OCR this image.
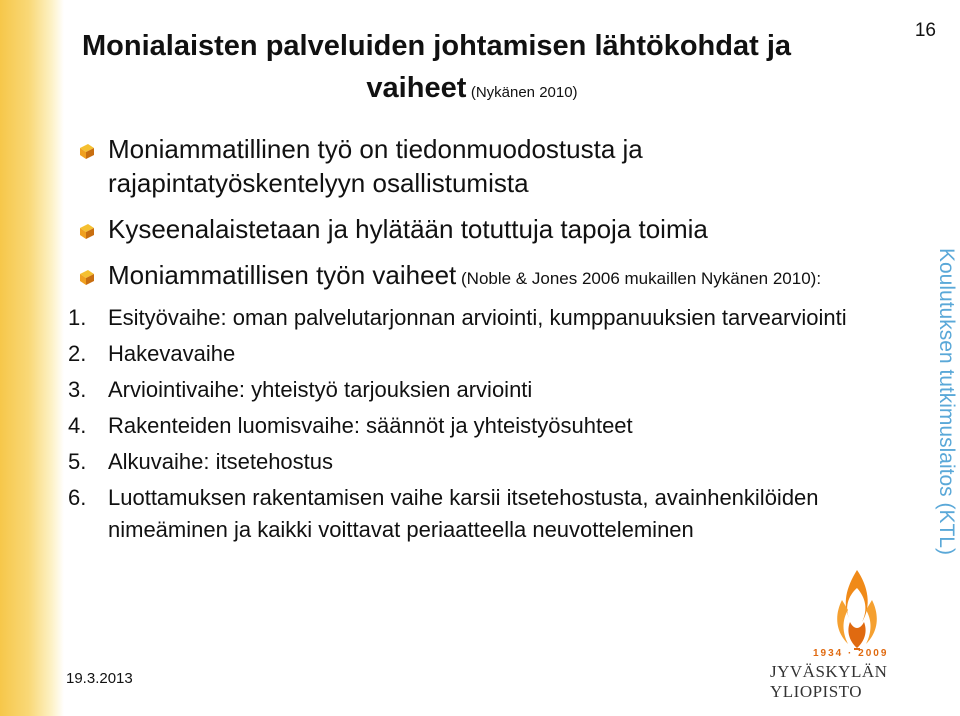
16
Monialaisten palveluiden johtamisen lähtökohdat ja
vaiheet (Nykänen 2010)
Moniammatillinen työ on tiedonmuodostusta ja rajapintatyöskentelyyn osallistumista
Kyseenalaistetaan ja hylätään totuttuja tapoja toimia
Moniammatillisen työn vaiheet (Noble & Jones 2006 mukaillen Nykänen 2010):
1. Esityövaihe: oman palvelutarjonnan arviointi, kumppanuuksien tarvearviointi
2. Hakevavaihe
3. Arviointivaihe: yhteistyö tarjouksien arviointi
4. Rakenteiden luomisvaihe: säännöt ja yhteistyösuhteet
5. Alkuvaihe: itsetehostus
6. Luottamuksen rakentamisen vaihe karsii itsetehostusta, avainhenkilöiden nimeäminen ja kaikki voittavat periaatteella neuvotteleminen	Koulutuksen tutkimuslaitos (KTL)
19.3.2013
1934 · 2009
JYVÄSKYLÄN YLIOPISTO
